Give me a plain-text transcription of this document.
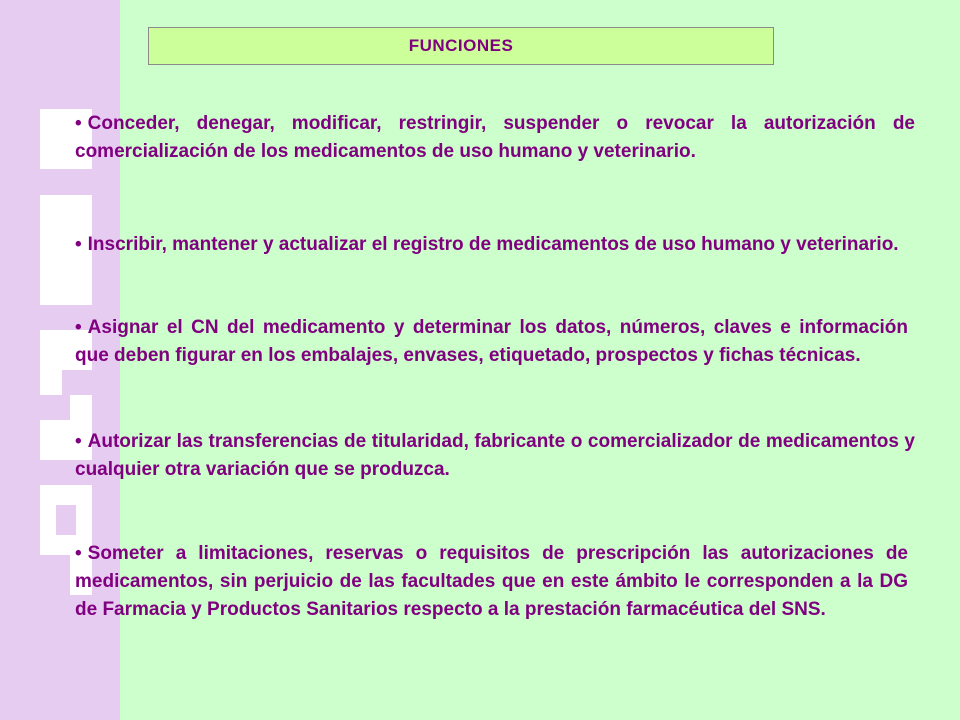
FUNCIONES

• Conceder, denegar, modificar, restringir, suspender o revocar la autorización de comercialización de los medicamentos de uso humano y veterinario.

• Inscribir, mantener y actualizar el registro de medicamentos de uso humano y veterinario.

• Asignar el CN del medicamento y determinar los datos, números, claves e información que deben figurar en los embalajes, envases, etiquetado, prospectos y fichas técnicas.

• Autorizar las transferencias de titularidad, fabricante o comercializador de medicamentos y cualquier otra variación que se produzca.

• Someter a limitaciones, reservas o requisitos de prescripción las autorizaciones de medicamentos, sin perjuicio de las facultades que en este ámbito le corresponden a la DG de Farmacia y Productos Sanitarios respecto a la prestación farmacéutica del SNS.
